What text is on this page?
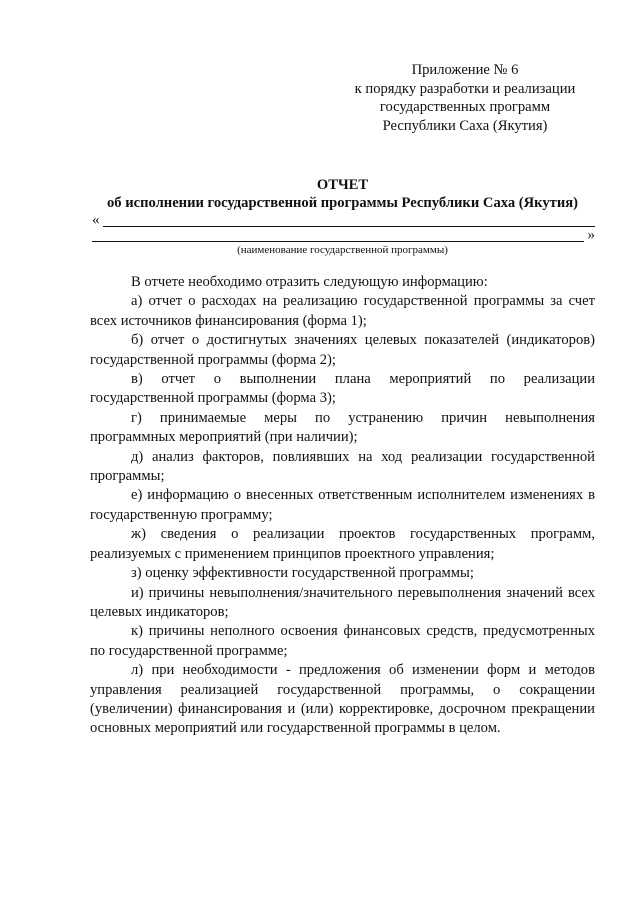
Приложение № 6
к порядку разработки и реализации
государственных программ
Республики Саха (Якутия)
ОТЧЕТ
об исполнении государственной программы Республики Саха (Якутия)
«
»
(наименование государственной программы)

В отчете необходимо отразить следующую информацию:

а) отчет о расходах на реализацию государственной программы за счет всех источников финансирования (форма 1);

б) отчет о достигнутых значениях целевых показателей (индикаторов) государственной программы (форма 2);

в) отчет о выполнении плана мероприятий по реализации государственной программы (форма 3);

г) принимаемые меры по устранению причин невыполнения программных мероприятий (при наличии);

д) анализ факторов, повлиявших на ход реализации государственной программы;

е) информацию о внесенных ответственным исполнителем изменениях в государственную программу;

ж) сведения о реализации проектов государственных программ, реализуемых с применением принципов проектного управления;

з) оценку эффективности государственной программы;

и) причины невыполнения/значительного перевыполнения значений всех целевых индикаторов;

к) причины неполного освоения финансовых средств, предусмотренных по государственной программе;

л) при необходимости - предложения об изменении форм и методов управления реализацией государственной программы, о сокращении (увеличении) финансирования и (или) корректировке, досрочном прекращении основных мероприятий или государственной программы в целом.
